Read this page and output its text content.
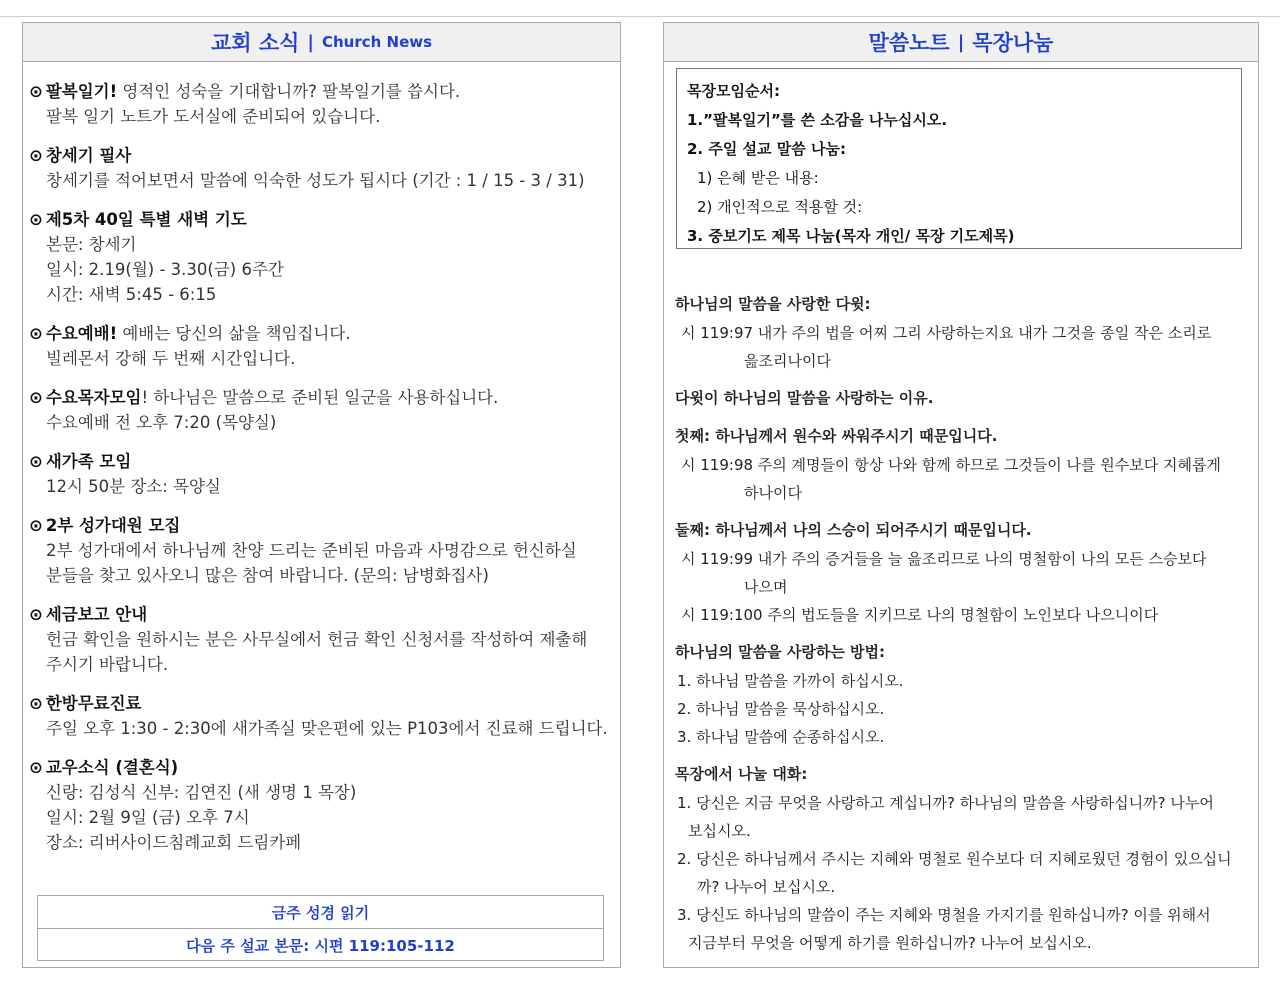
교회 소식 | Church News
⊙ 팔복일기! 영적인 성숙을 기대합니까? 팔복일기를 씁시다.
팔복 일기 노트가 도서실에 준비되어 있습니다.
⊙ 창세기 필사
창세기를 적어보면서 말씀에 익숙한 성도가 됩시다 (기간 : 1 / 15 - 3 / 31)
⊙ 제5차 40일 특별 새벽 기도
본문: 창세기
일시: 2.19(월) - 3.30(금) 6주간
시간: 새벽 5:45 - 6:15
⊙ 수요예배! 예배는 당신의 삶을 책임집니다.
빌레몬서 강해 두 번째 시간입니다.
⊙ 수요목자모임! 하나님은 말씀으로 준비된 일군을 사용하십니다.
수요예배 전 오후 7:20 (목양실)
⊙ 새가족 모임
12시 50분 장소: 목양실
⊙ 2부 성가대원 모집
2부 성가대에서 하나님께 찬양 드리는 준비된 마음과 사명감으로 헌신하실
분들을 찾고 있사오니 많은 참여 바랍니다. (문의: 남병화집사)
⊙ 세금보고 안내
헌금 확인을 원하시는 분은 사무실에서 헌금 확인 신청서를 작성하여 제출해
주시기 바랍니다.
⊙ 한방무료진료
주일 오후 1:30 - 2:30에 새가족실 맞은편에 있는 P103에서 진료해 드립니다.
⊙ 교우소식 (결혼식)
신랑: 김성식 신부: 김연진 (새 생명 1 목장)
일시: 2월 9일 (금) 오후 7시
장소: 리버사이드침례교회 드림카페
금주 성경 읽기
다음 주 설교 본문: 시편 119:105-112
말씀노트 | 목장나눔
목장모임순서:
1.”팔복일기”를 쓴 소감을 나누십시오.
2. 주일 설교 말씀 나눔:
1) 은혜 받은 내용:
2) 개인적으로 적용할 것:
3. 중보기도 제목 나눔(목자 개인/ 목장 기도제목)
하나님의 말씀을 사랑한 다윗:
시 119:97 내가 주의 법을 어찌 그리 사랑하는지요 내가 그것을 종일 작은 소리로
읊조리나이다
다윗이 하나님의 말씀을 사랑하는 이유.
첫째: 하나님께서 원수와 싸워주시기 때문입니다.
시 119:98 주의 계명들이 항상 나와 함께 하므로 그것들이 나를 원수보다 지혜롭게
하나이다
둘째: 하나님께서 나의 스승이 되어주시기 때문입니다.
시 119:99 내가 주의 증거들을 늘 읊조리므로 나의 명철함이 나의 모든 스승보다
나으며
시 119:100 주의 법도들을 지키므로 나의 명철함이 노인보다 나으니이다
하나님의 말씀을 사랑하는 방법:
1. 하나님 말씀을 가까이 하십시오.
2. 하나님 말씀을 묵상하십시오.
3. 하나님 말씀에 순종하십시오.
목장에서 나눌 대화:
1. 당신은 지금 무엇을 사랑하고 계십니까? 하나님의 말씀을 사랑하십니까? 나누어
보십시오.
2. 당신은 하나님께서 주시는 지혜와 명철로 원수보다 더 지혜로웠던 경험이 있으십니
까? 나누어 보십시오.
3. 당신도 하나님의 말씀이 주는 지혜와 명철을 가지기를 원하십니까? 이를 위해서
지금부터 무엇을 어떻게 하기를 원하십니까? 나누어 보십시오.
